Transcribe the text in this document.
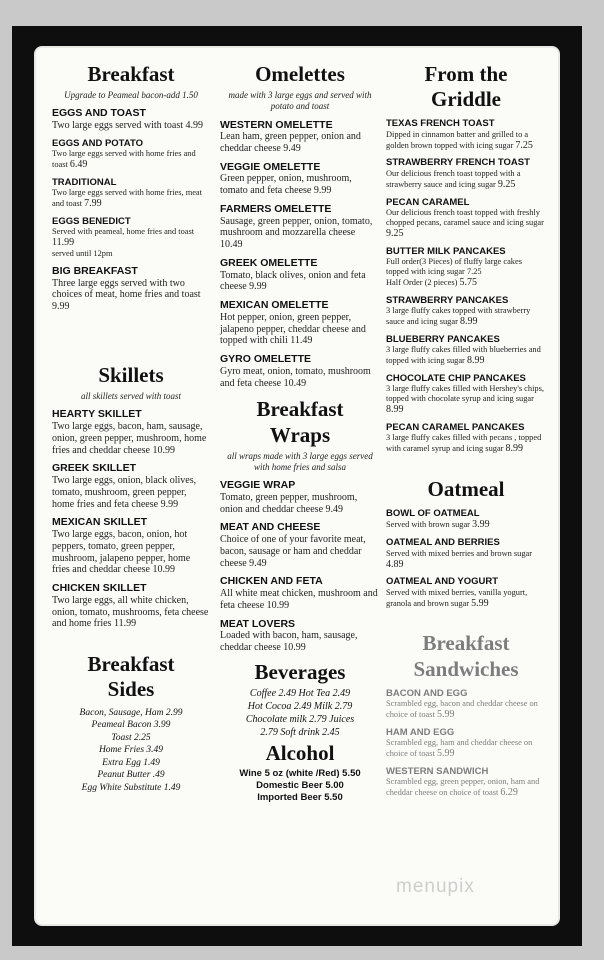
Breakfast
Upgrade to Peameal bacon-add 1.50
EGGS AND TOAST
Two large eggs served with toast 4.99
EGGS AND POTATO
Two large eggs served with home fries and toast 6.49
TRADITIONAL
Two large eggs served with home fries, meat and toast 7.99
EGGS BENEDICT
Served with peameal, home fries and toast 11.99
served until 12pm
BIG BREAKFAST
Three large eggs served with two choices of meat, home fries and toast 9.99
Skillets
all skillets served with toast
HEARTY SKILLET
Two large eggs, bacon, ham, sausage, onion, green pepper, mushroom, home fries and cheddar cheese 10.99
GREEK SKILLET
Two large eggs, onion, black olives, tomato, mushroom, green pepper, home fries and feta cheese 9.99
MEXICAN SKILLET
Two large eggs, bacon, onion, hot peppers, tomato, green pepper, mushroom, jalapeno pepper, home fries and cheddar cheese 10.99
CHICKEN SKILLET
Two large eggs, all white chicken, onion, tomato, mushrooms, feta cheese and home fries 11.99
Breakfast
Sides
Bacon, Sausage, Ham 2.99
Peameal Bacon 3.99
Toast 2.25
Home Fries 3.49
Extra Egg 1.49
Peanut Butter .49
Egg White Substitute 1.49
Omelettes
made with 3 large eggs and served with potato and toast
WESTERN OMELETTE
Lean ham, green pepper, onion and cheddar cheese 9.49
VEGGIE OMELETTE
Green pepper, onion, mushroom, tomato and feta cheese 9.99
FARMERS OMELETTE
Sausage, green pepper, onion, tomato, mushroom and mozzarella cheese 10.49
GREEK OMELETTE
Tomato, black olives, onion and feta cheese 9.99
MEXICAN OMELETTE
Hot pepper, onion, green pepper, jalapeno pepper, cheddar cheese and topped with chili 11.49
GYRO OMELETTE
Gyro meat, onion, tomato, mushroom and feta cheese 10.49
Breakfast
Wraps
all wraps made with 3 large eggs served with home fries and salsa
VEGGIE WRAP
Tomato, green pepper, mushroom, onion and cheddar cheese 9.49
MEAT AND CHEESE
Choice of one of your favorite meat, bacon, sausage or ham and cheddar cheese 9.49
CHICKEN AND FETA
All white meat chicken, mushroom and feta cheese 10.99
MEAT LOVERS
Loaded with bacon, ham, sausage, cheddar cheese 10.99
Beverages
Coffee 2.49 Hot Tea 2.49
Hot Cocoa 2.49 Milk 2.79
Chocolate milk 2.79 Juices
2.79 Soft drink 2.45
Alcohol
Wine 5 oz (white /Red) 5.50
Domestic Beer 5.00
Imported Beer 5.50
From the
Griddle
TEXAS FRENCH TOAST
Dipped in cinnamon batter and grilled to a golden brown topped with icing sugar 7.25
STRAWBERRY FRENCH TOAST
Our delicious french toast topped with a strawberry sauce and icing sugar 9.25
PECAN CARAMEL
Our delicious french toast topped with freshly chopped pecans, caramel sauce and icing sugar 9.25
BUTTER MILK PANCAKES
Full order(3 Pieces) of fluffy large cakes topped with icing sugar 7.25
Half Order (2 pieces) 5.75
STRAWBERRY PANCAKES
3 large fluffy cakes topped with strawberry sauce and icing sugar 8.99
BLUEBERRY PANCAKES
3 large fluffy cakes filled with blueberries and topped with icing sugar 8.99
CHOCOLATE CHIP PANCAKES
3 large fluffy cakes filled with Hershey's chips, topped with chocolate syrup and icing sugar 8.99
PECAN CARAMEL PANCAKES
3 large fluffy cakes filled with pecans , topped with caramel syrup and icing sugar 8.99
Oatmeal
BOWL OF OATMEAL
Served with brown sugar 3.99
OATMEAL AND BERRIES
Served with mixed berries and brown sugar 4.89
OATMEAL AND YOGURT
Served with mixed berries, vanilla yogurt, granola and brown sugar 5.99
Breakfast
Sandwiches
BACON AND EGG
Scrambled egg, bacon and cheddar cheese on choice of toast 5.99
HAM AND EGG
Scrambled egg, ham and cheddar cheese on choice of toast 5.99
WESTERN SANDWICH
Scrambled egg, green pepper, onion, ham and cheddar cheese on choice of toast 6.29
menupix
